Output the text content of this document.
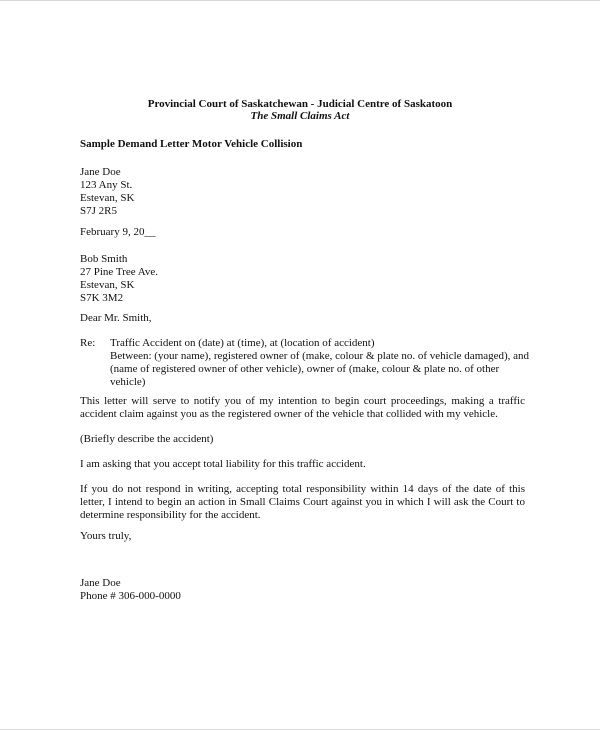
Provincial Court of Saskatchewan - Judicial Centre of Saskatoon
The Small Claims Act
Sample Demand Letter Motor Vehicle Collision
Jane Doe
123 Any St.
Estevan, SK
S7J 2R5
February 9, 20__
Bob Smith
27 Pine Tree Ave.
Estevan, SK
S7K 3M2
Dear Mr. Smith,
Re: Traffic Accident on (date) at (time), at (location of accident)
Between: (your name), registered owner of (make, colour & plate no. of vehicle damaged), and
(name of registered owner of other vehicle), owner of (make, colour & plate no. of other
vehicle)
This letter will serve to notify you of my intention to begin court proceedings, making a traffic accident claim against you as the registered owner of the vehicle that collided with my vehicle.
(Briefly describe the accident)
I am asking that you accept total liability for this traffic accident.
If you do not respond in writing, accepting total responsibility within 14 days of the date of this letter, I intend to begin an action in Small Claims Court against you in which I will ask the Court to determine responsibility for the accident.
Yours truly,
Jane Doe
Phone # 306-000-0000
